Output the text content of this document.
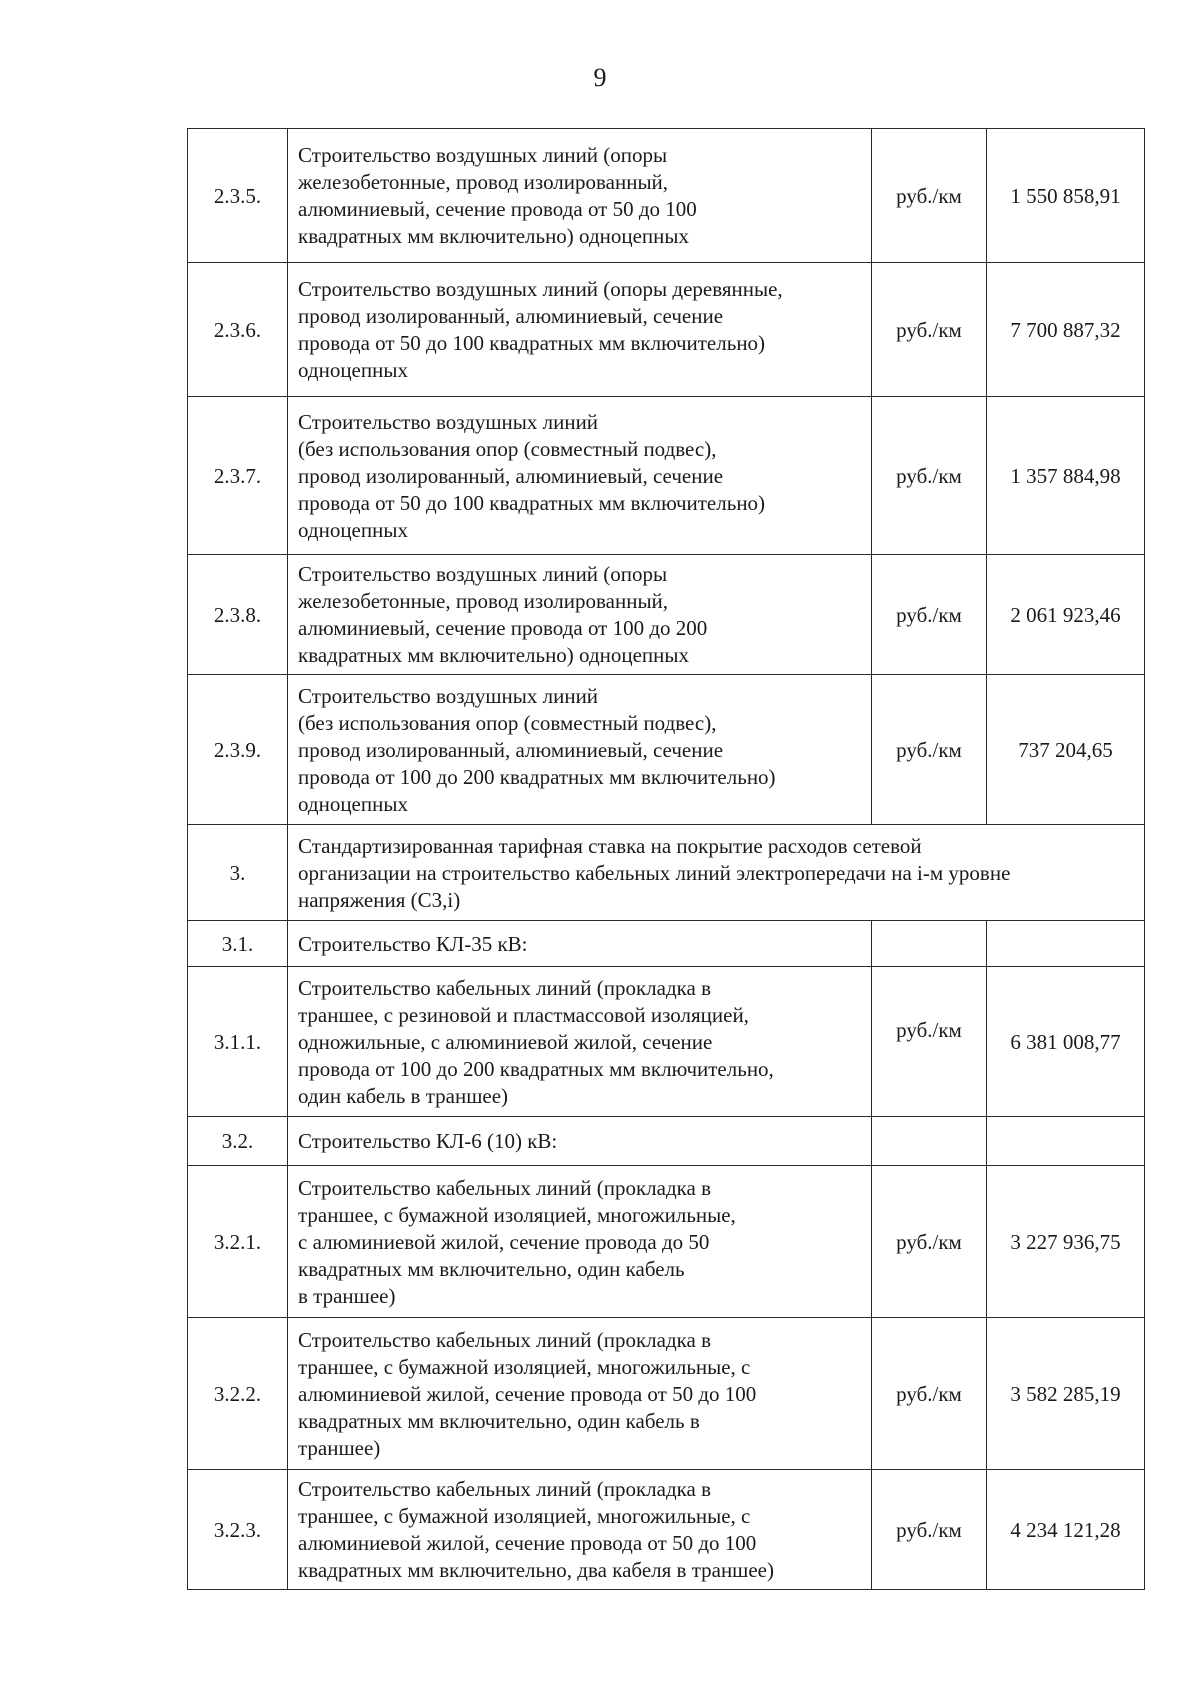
9
2.3.5.	Строительство воздушных линий (опоры
железобетонные, провод изолированный,
алюминиевый, сечение провода от 50 до 100
квадратных мм включительно) одноцепных	руб./км	1 550 858,91
2.3.6.	Строительство воздушных линий (опоры деревянные,
провод изолированный, алюминиевый, сечение
провода от 50 до 100 квадратных мм включительно)
одноцепных	руб./км	7 700 887,32
2.3.7.	Строительство воздушных линий
(без использования опор (совместный подвес),
провод изолированный, алюминиевый, сечение
провода от 50 до 100 квадратных мм включительно)
одноцепных	руб./км	1 357 884,98
2.3.8.	Строительство воздушных линий (опоры
железобетонные, провод изолированный,
алюминиевый, сечение провода от 100 до 200
квадратных мм включительно) одноцепных	руб./км	2 061 923,46
2.3.9.	Строительство воздушных линий
(без использования опор (совместный подвес),
провод изолированный, алюминиевый, сечение
провода от 100 до 200 квадратных мм включительно)
одноцепных	руб./км	737 204,65
3.	Стандартизированная тарифная ставка на покрытие расходов сетевой
организации на строительство кабельных линий электропередачи на i-м уровне
напряжения (С3,i)		

3.1.	Строительство КЛ-35 кВ:		

3.1.1.	Строительство кабельных линий (прокладка в
траншее, с резиновой и пластмассовой изоляцией,
одножильные, с алюминиевой жилой, сечение
провода от 100 до 200 квадратных мм включительно,
один кабель в траншее)	руб./км	6 381 008,77
3.2.	Строительство КЛ-6 (10) кВ:		

3.2.1.	Строительство кабельных линий (прокладка в
траншее, с бумажной изоляцией, многожильные,
с алюминиевой жилой, сечение провода до 50
квадратных мм включительно, один кабель
в траншее)	руб./км	3 227 936,75
3.2.2.	Строительство кабельных линий (прокладка в
траншее, с бумажной изоляцией, многожильные, с
алюминиевой жилой, сечение провода от 50 до 100
квадратных мм включительно, один кабель в
траншее)	руб./км	3 582 285,19
3.2.3.	Строительство кабельных линий (прокладка в
траншее, с бумажной изоляцией, многожильные, с
алюминиевой жилой, сечение провода от 50 до 100
квадратных мм включительно, два кабеля в траншее)	руб./км	4 234 121,28
